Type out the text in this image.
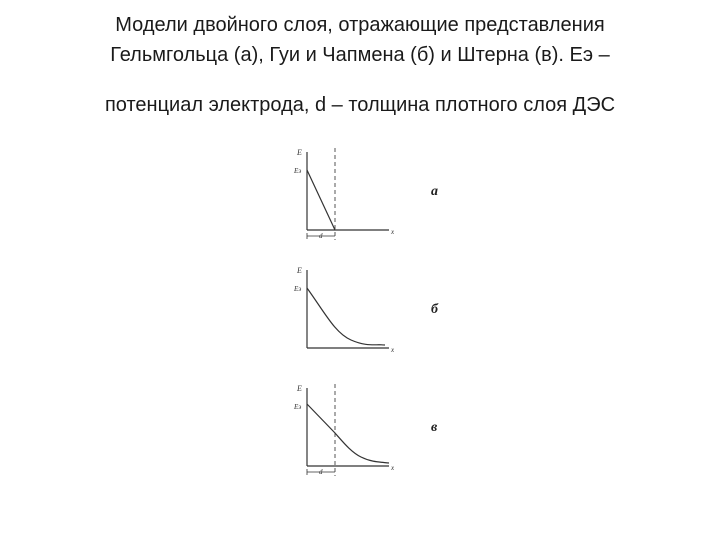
Модели двойного слоя, отражающие представления
Гельмгольца (а), Гуи и Чапмена (б) и Штерна (в). Еэ –
потенциал электрода, d – толщина плотного слоя ДЭС
E
Eэ
x
d
а
E
Eэ
x
б
E
Eэ
x
d
в
